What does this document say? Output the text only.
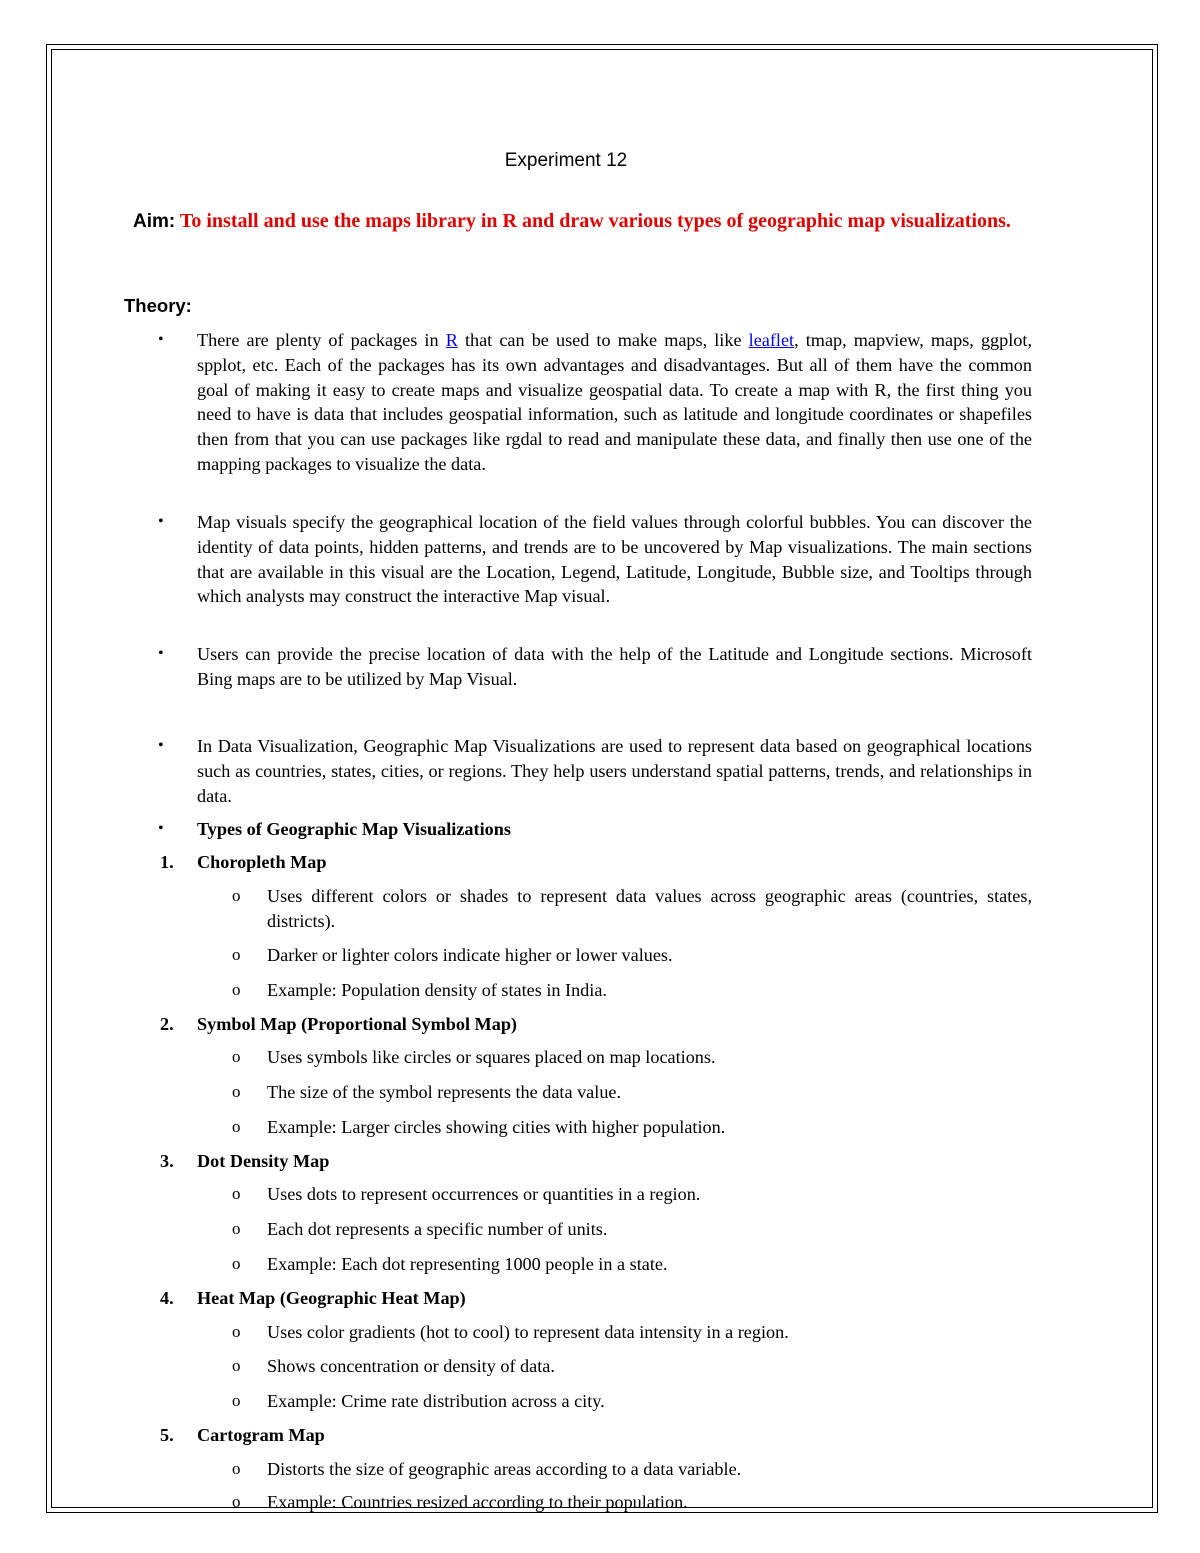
Experiment 12
Aim: To install and use the maps library in R and draw various types of geographic map visualizations.
Theory:
• There are plenty of packages in R that can be used to make maps, like leaflet, tmap, mapview, maps, ggplot, spplot, etc. Each of the packages has its own advantages and disadvantages. But all of them have the common goal of making it easy to create maps and visualize geospatial data. To create a map with R, the first thing you need to have is data that includes geospatial information, such as latitude and longitude coordinates or shapefiles then from that you can use packages like rgdal to read and manipulate these data, and finally then use one of the mapping packages to visualize the data.
• Map visuals specify the geographical location of the field values through colorful bubbles. You can discover the identity of data points, hidden patterns, and trends are to be uncovered by Map visualizations. The main sections that are available in this visual are the Location, Legend, Latitude, Longitude, Bubble size, and Tooltips through which analysts may construct the interactive Map visual.
• Users can provide the precise location of data with the help of the Latitude and Longitude sections. Microsoft Bing maps are to be utilized by Map Visual.
• In Data Visualization, Geographic Map Visualizations are used to represent data based on geographical locations such as countries, states, cities, or regions. They help users understand spatial patterns, trends, and relationships in data.
• Types of Geographic Map Visualizations
1. Choropleth Map
o Uses different colors or shades to represent data values across geographic areas (countries, states, districts).
o Darker or lighter colors indicate higher or lower values.
o Example: Population density of states in India.
2. Symbol Map (Proportional Symbol Map)
o Uses symbols like circles or squares placed on map locations.
o The size of the symbol represents the data value.
o Example: Larger circles showing cities with higher population.
3. Dot Density Map
o Uses dots to represent occurrences or quantities in a region.
o Each dot represents a specific number of units.
o Example: Each dot representing 1000 people in a state.
4. Heat Map (Geographic Heat Map)
o Uses color gradients (hot to cool) to represent data intensity in a region.
o Shows concentration or density of data.
o Example: Crime rate distribution across a city.
5. Cartogram Map
o Distorts the size of geographic areas according to a data variable.
o Example: Countries resized according to their population.
